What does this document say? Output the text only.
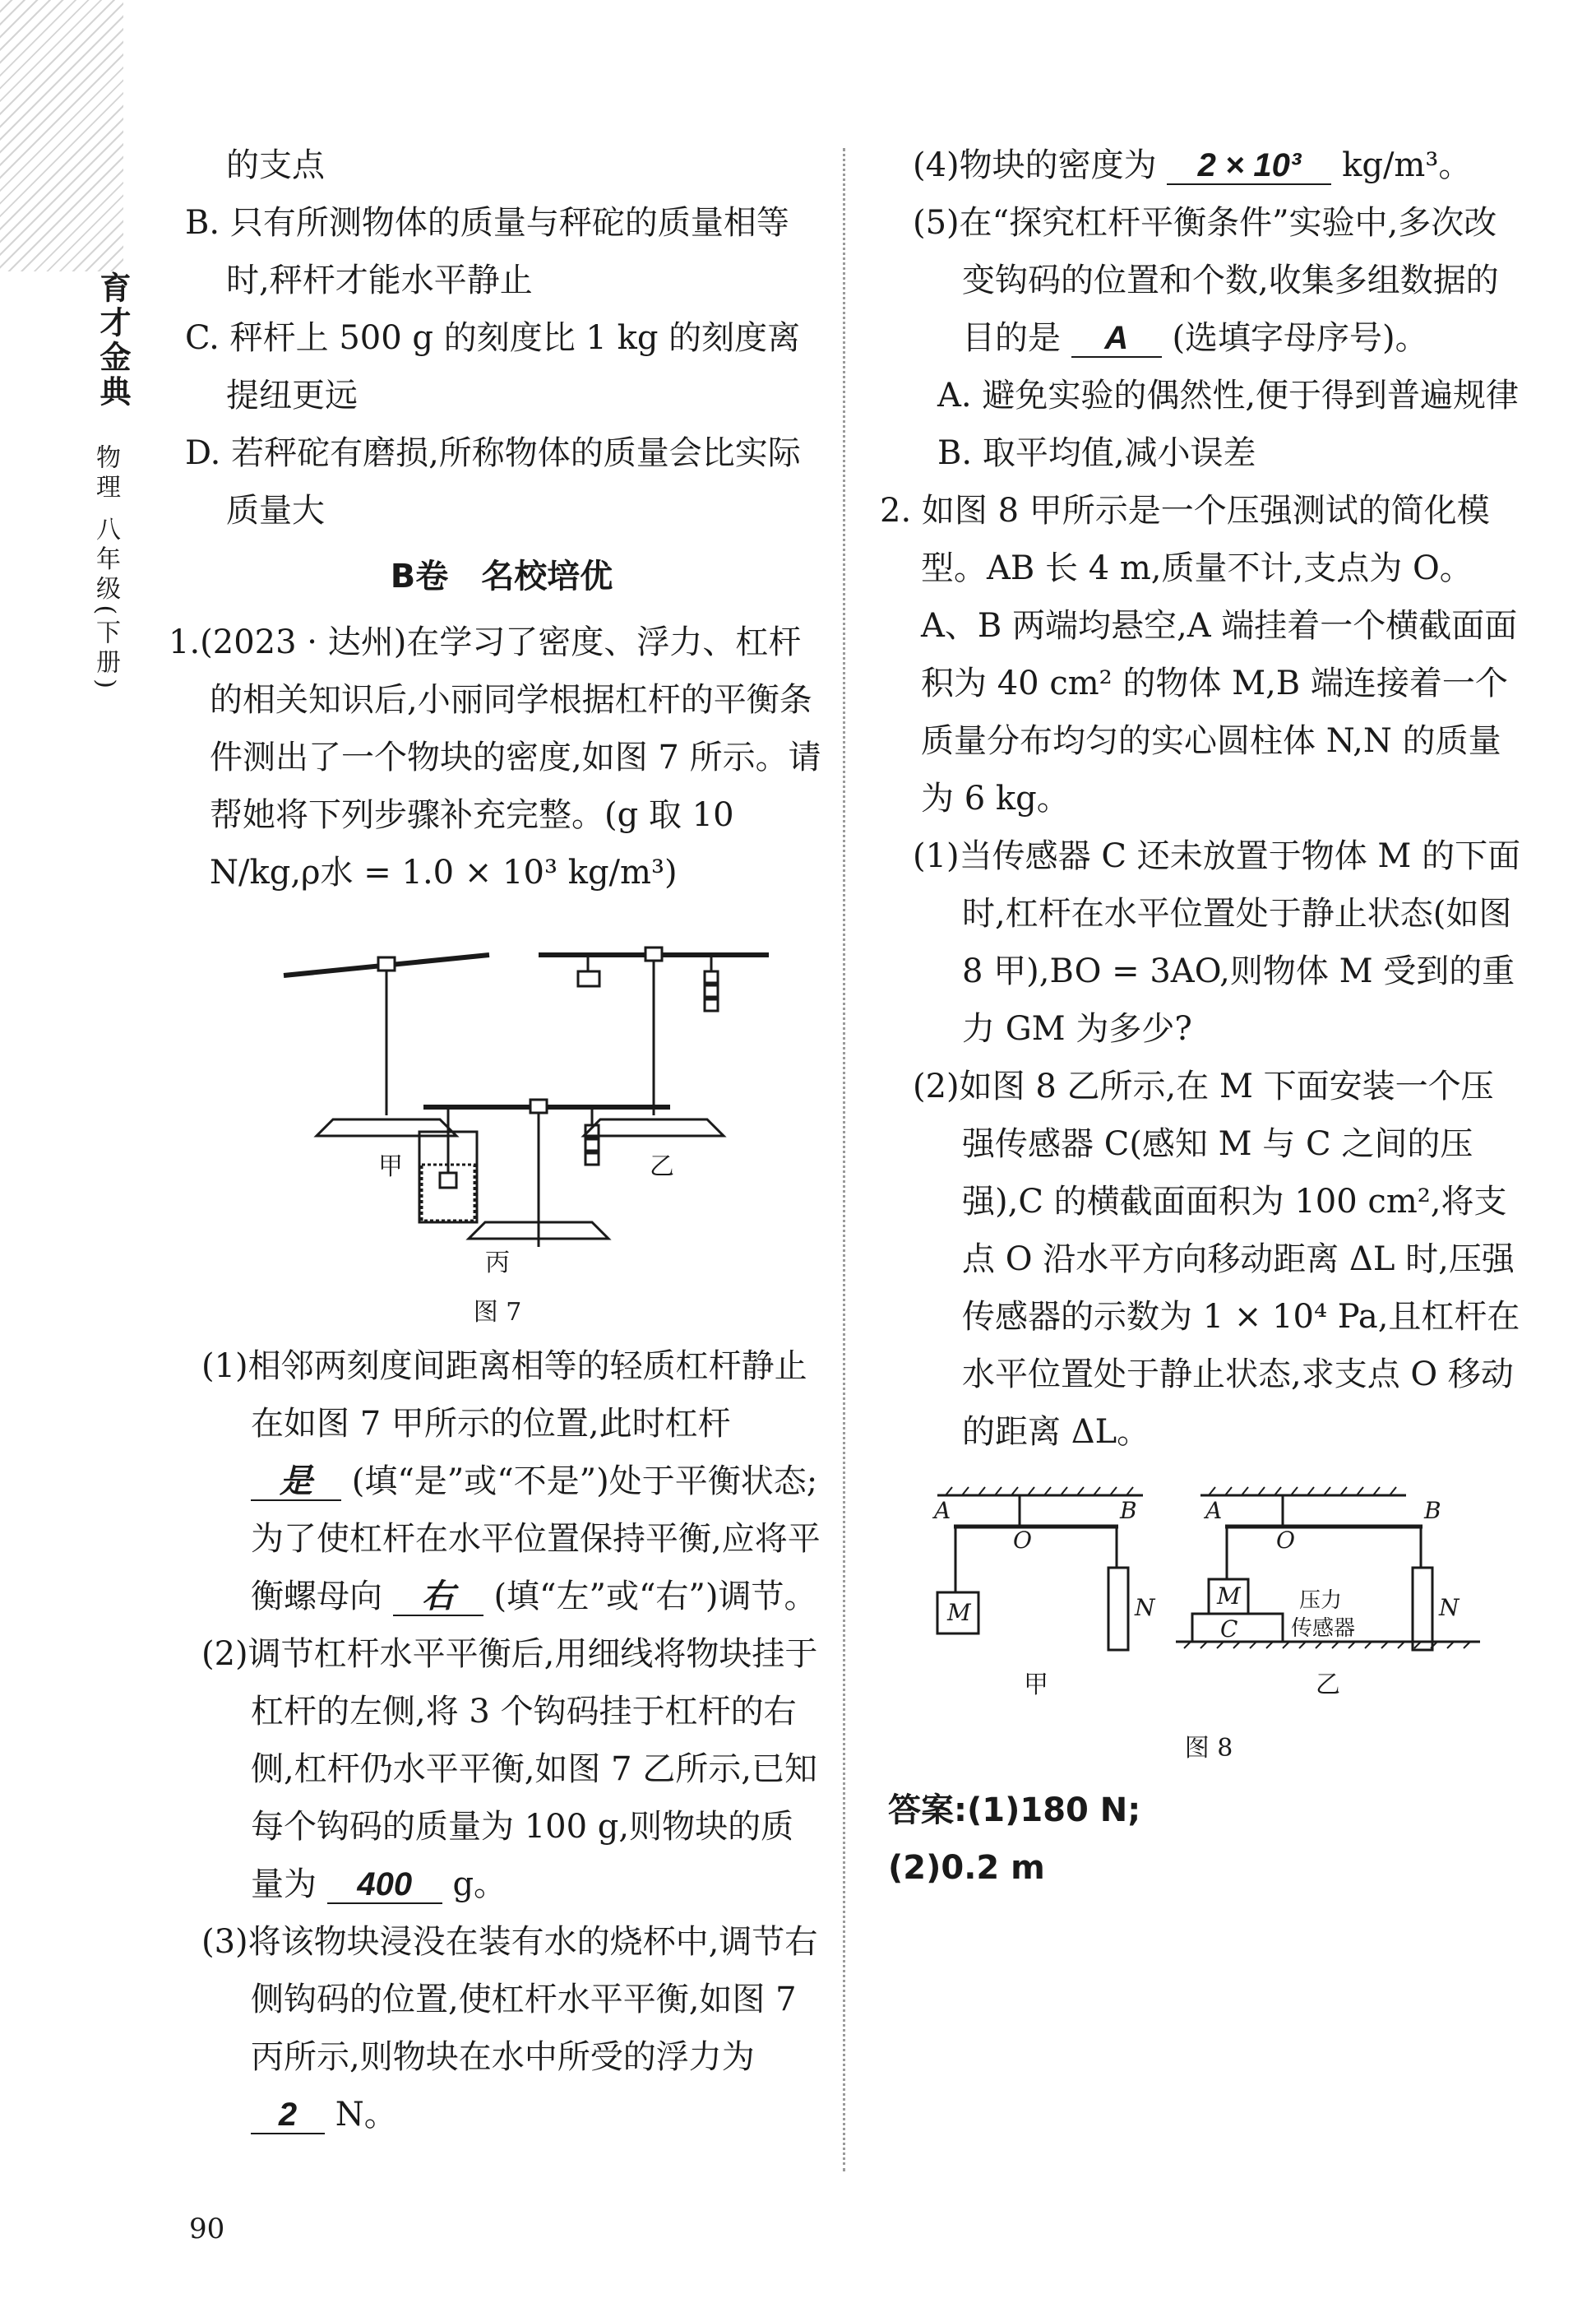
育才金典
物理 八年级(下册)

的支点

B. 只有所测物体的质量与秤砣的质量相等时,秤杆才能水平静止

C. 秤杆上 500 g 的刻度比 1 kg 的刻度离提纽更远

D. 若秤砣有磨损,所称物体的质量会比实际质量大

B卷　名校培优

1.(2023 · 达州)在学习了密度、浮力、杠杆的相关知识后,小丽同学根据杠杆的平衡条件测出了一个物块的密度,如图 7 所示。请帮她将下列步骤补充完整。(g 取 10 N/kg,ρ水 = 1.0 × 10³ kg/m³)

甲	乙
丙
图 7

(1)相邻两刻度间距离相等的轻质杠杆静止在如图 7 甲所示的位置,此时杠杆 是 (填“是”或“不是”)处于平衡状态;为了使杠杆在水平位置保持平衡,应将平衡螺母向 右 (填“左”或“右”)调节。

(2)调节杠杆水平平衡后,用细线将物块挂于杠杆的左侧,将 3 个钩码挂于杠杆的右侧,杠杆仍水平平衡,如图 7 乙所示,已知每个钩码的质量为 100 g,则物块的质量为 400 g。

(3)将该物块浸没在装有水的烧杯中,调节右侧钩码的位置,使杠杆水平平衡,如图 7 丙所示,则物块在水中所受的浮力为 2 N。

(4)物块的密度为 2 × 10³ kg/m³。

(5)在“探究杠杆平衡条件”实验中,多次改变钩码的位置和个数,收集多组数据的目的是 A (选填字母序号)。

A. 避免实验的偶然性,便于得到普遍规律

B. 取平均值,减小误差

2. 如图 8 甲所示是一个压强测试的简化模型。AB 长 4 m,质量不计,支点为 O。A、B 两端均悬空,A 端挂着一个横截面面积为 40 cm² 的物体 M,B 端连接着一个质量分布均匀的实心圆柱体 N,N 的质量为 6 kg。

(1)当传感器 C 还未放置于物体 M 的下面时,杠杆在水平位置处于静止状态(如图 8 甲),BO = 3AO,则物体 M 受到的重力 GM 为多少?

(2)如图 8 乙所示,在 M 下面安装一个压强传感器 C(感知 M 与 C 之间的压强),C 的横截面面积为 100 cm²,将支点 O 沿水平方向移动距离 ΔL 时,压强传感器的示数为 1 × 10⁴ Pa,且杠杆在水平位置处于静止状态,求支点 O 移动的距离 ΔL。

A
O
B
M	N
A
O
B
M
C
N
压力
传感器
甲	乙
图 8
答案:(1)180 N;
(2)0.2 m
90
